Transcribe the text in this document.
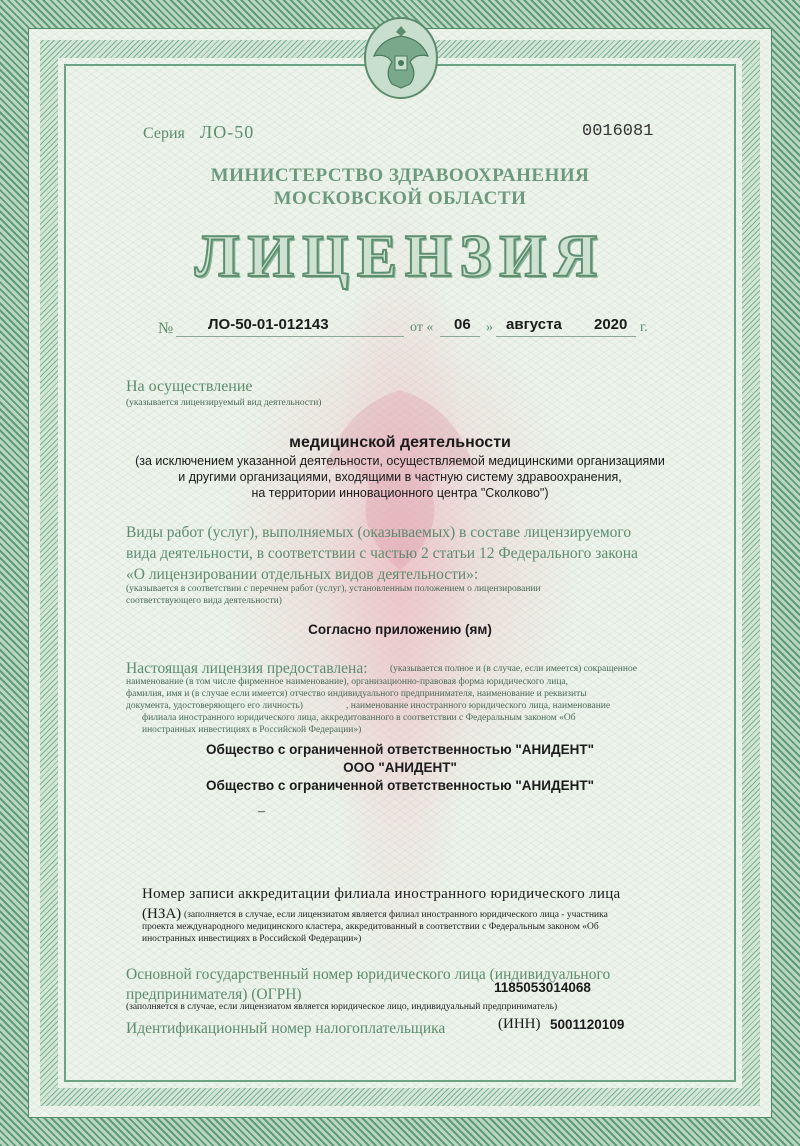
Серия ЛО-50	0016081
МИНИСТЕРСТВО ЗДРАВООХРАНЕНИЯ
МОСКОВСКОЙ ОБЛАСТИ
ЛИЦЕНЗИЯ
№ ЛО-50-01-012143	от « 06 » августа 2020 г.
На осуществление
(указывается лицензируемый вид деятельности)
медицинской деятельности
(за исключением указанной деятельности, осуществляемой медицинскими организациями
и другими организациями, входящими в частную систему здравоохранения,
на территории инновационного центра "Сколково")
Виды работ (услуг), выполняемых (оказываемых) в составе лицензируемого
вида деятельности, в соответствии с частью 2 статьи 12 Федерального закона
«О лицензировании отдельных видов деятельности»:
(указывается в соответствии с перечнем работ (услуг), установленным положением о лицензировании
соответствующего вида деятельности)
Согласно приложению (ям)
Настоящая лицензия предоставлена: (указывается полное и (в случае, если имеется) сокращенное
наименование (в том числе фирменное наименование), организационно-правовая форма юридического лица,
фамилия, имя и (в случае если имеется) отчество индивидуального предпринимателя, наименование и реквизиты
документа, удостоверяющего его личность)	, наименование иностранного юридического лица, наименование
филиала иностранного юридического лица, аккредитованного в соответствии с Федеральным законом «Об
иностранных инвестициях в Российской Федерации»)
Общество с ограниченной ответственностью "АНИДЕНТ"
ООО "АНИДЕНТ"
Общество с ограниченной ответственностью "АНИДЕНТ"
–
Номер записи аккредитации филиала иностранного юридического лица
(НЗА) (заполняется в случае, если лицензиатом является филиал иностранного юридического лица - участника
проекта международного медицинского кластера, аккредитованный в соответствии с Федеральным законом «Об
иностранных инвестициях в Российской Федерации»)
Основной государственный номер юридического лица (индивидуального
предпринимателя) (ОГРН)	1185053014068
(заполняется в случае, если лицензиатом является юридическое лицо, индивидуальный предприниматель)
Идентификационный номер налогоплательщика	(ИНН) 5001120109
